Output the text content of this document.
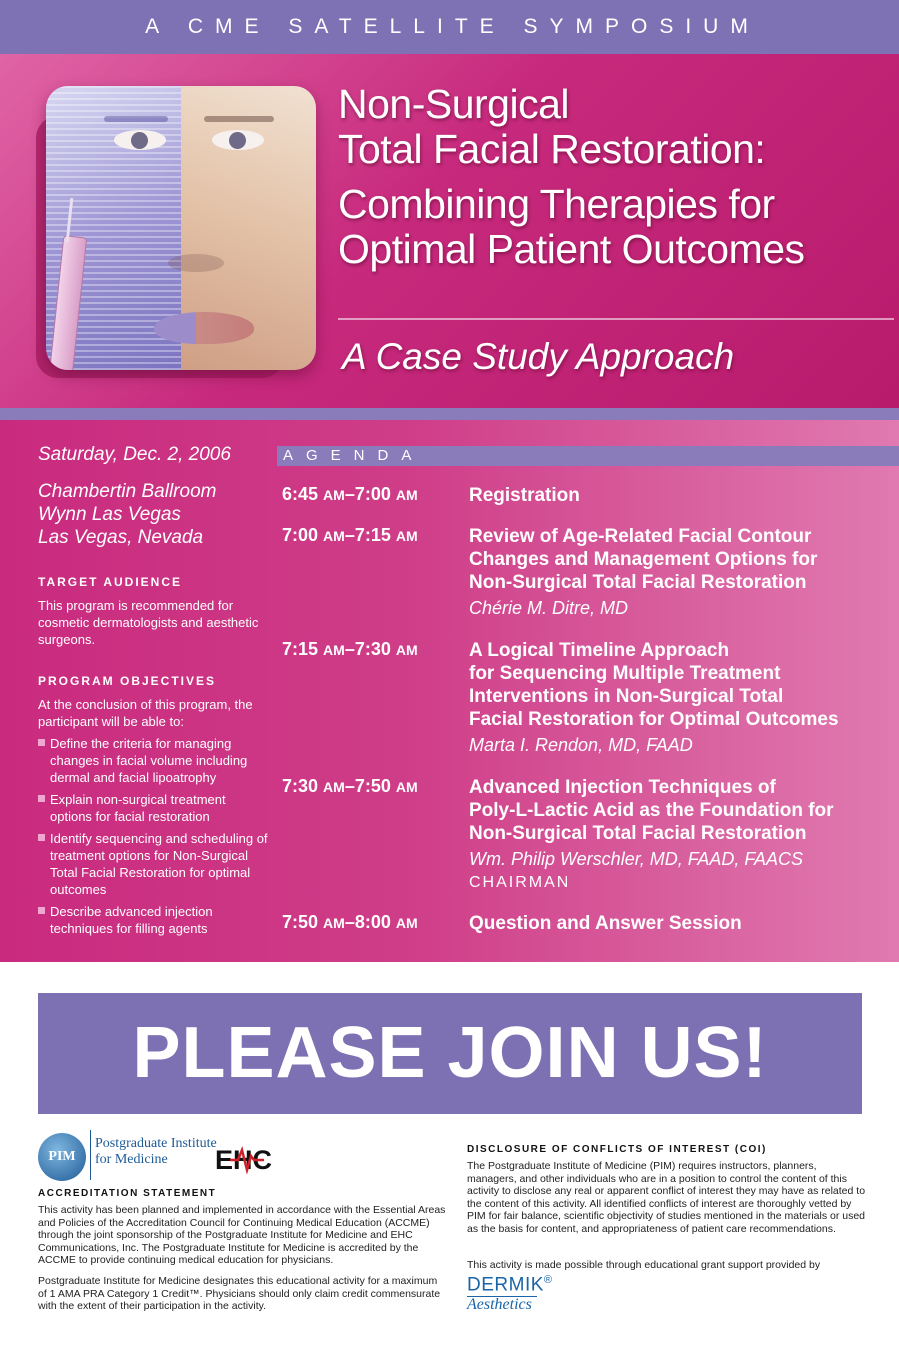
A CME SATELLITE SYMPOSIUM
Non-Surgical
Total Facial Restoration:
Combining Therapies for
Optimal Patient Outcomes
A Case Study Approach
Saturday, Dec. 2, 2006
Chambertin Ballroom
Wynn Las Vegas
Las Vegas, Nevada
TARGET AUDIENCE
This program is recommended for cosmetic dermatologists and aesthetic surgeons.
PROGRAM OBJECTIVES
At the conclusion of this program, the participant will be able to:
Define the criteria for managing changes in facial volume including dermal and facial lipoatrophy
Explain non-surgical treatment options for facial restoration
Identify sequencing and scheduling of treatment options for Non-Surgical Total Facial Restoration for optimal outcomes
Describe advanced injection techniques for filling agents
AGENDA
6:45 AM–7:00 AM	Registration
7:00 AM–7:15 AM	Review of Age-Related Facial Contour
Changes and Management Options for
Non-Surgical Total Facial Restoration
Chérie M. Ditre, MD
7:15 AM–7:30 AM	A Logical Timeline Approach
for Sequencing Multiple Treatment
Interventions in Non-Surgical Total
Facial Restoration for Optimal Outcomes
Marta I. Rendon, MD, FAAD
7:30 AM–7:50 AM	Advanced Injection Techniques of
Poly-L-Lactic Acid as the Foundation for
Non-Surgical Total Facial Restoration
Wm. Philip Werschler, MD, FAAD, FAACS
CHAIRMAN
7:50 AM–8:00 AM	Question and Answer Session
PLEASE JOIN US!
PIM
Postgraduate Institute
for Medicine	EHC
ACCREDITATION STATEMENT
This activity has been planned and implemented in accordance with the Essential Areas and Policies of the Accreditation Council for Continuing Medical Education (ACCME) through the joint sponsorship of the Postgraduate Institute for Medicine and EHC Communications, Inc. The Postgraduate Institute for Medicine is accredited by the ACCME to provide continuing medical education for physicians.
Postgraduate Institute for Medicine designates this educational activity for a maximum of 1 AMA PRA Category 1 Credit™. Physicians should only claim credit commensurate with the extent of their participation in the activity.
DISCLOSURE OF CONFLICTS OF INTEREST (COI)
The Postgraduate Institute of Medicine (PIM) requires instructors, planners, managers, and other individuals who are in a position to control the content of this activity to disclose any real or apparent conflict of interest they may have as related to the content of this activity. All identified conflicts of interest are thoroughly vetted by PIM for fair balance, scientific objectivity of studies mentioned in the materials or used as the basis for content, and appropriateness of patient care recommendations.
This activity is made possible through educational grant support provided by
DERMIK®
Aesthetics
